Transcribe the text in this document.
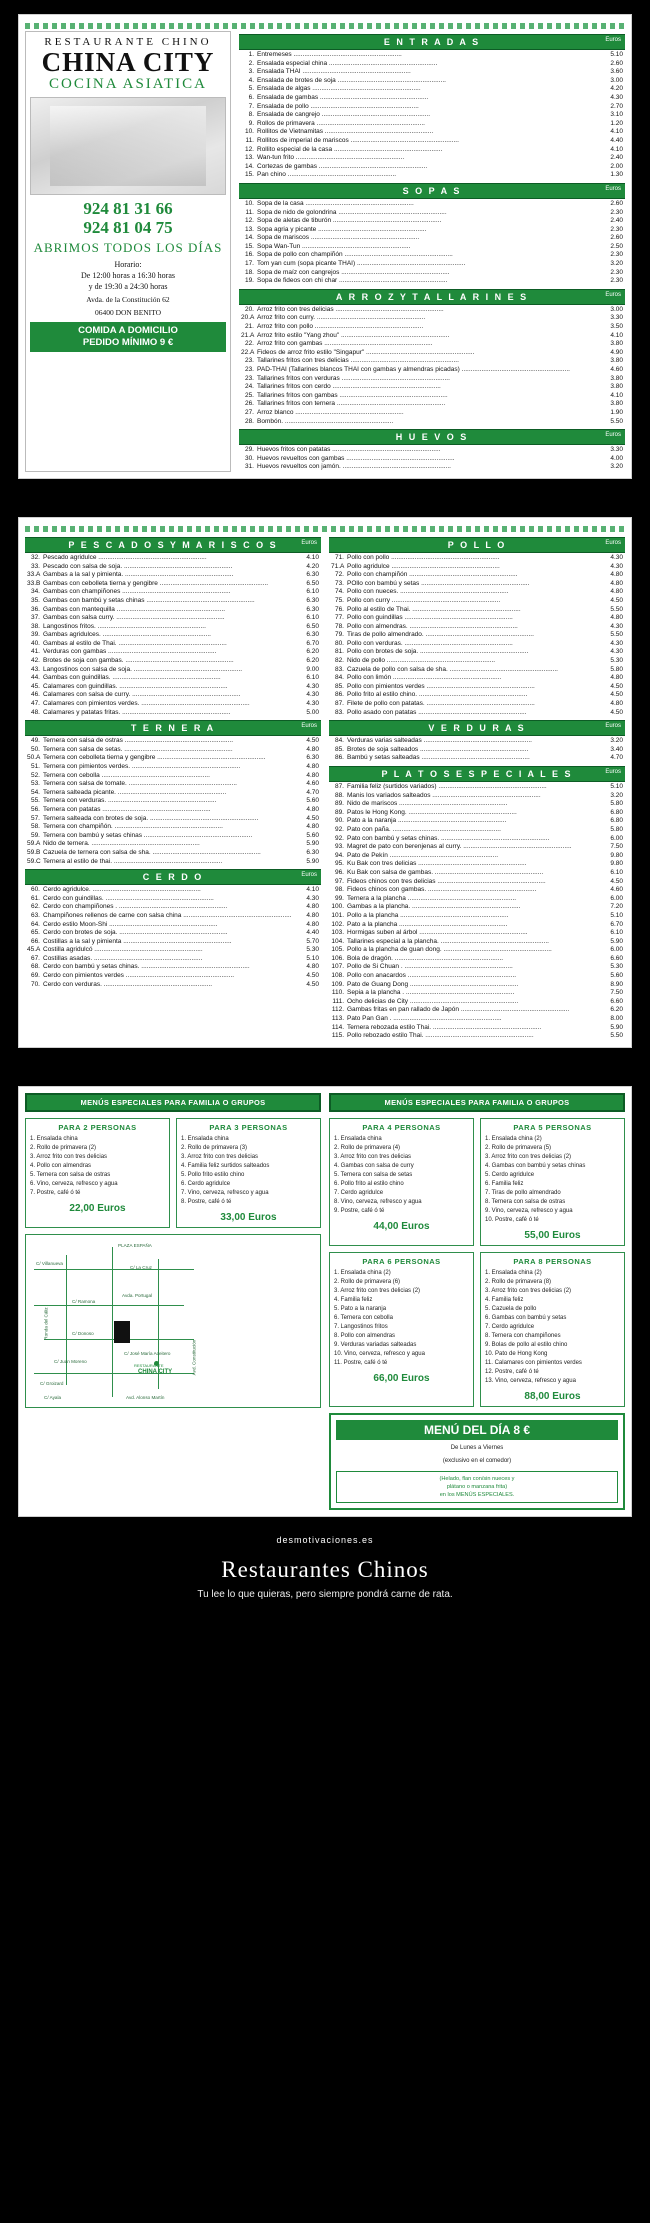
RESTAURANTE CHINO
CHINA CITY
COCINA ASIATICA
924 81 31 66
924 81 04 75
ABRIMOS TODOS LOS DÍAS
Horario:
De 12:00 horas a 16:30 horas
y de 19:30 a 24:30 horas
Avda. de la Constitución 62
06400 DON BENITO
COMIDA A DOMICILIO
PEDIDO MÍNIMO 9 €
E N T R A D A S	Euros
1. Entremeses ............................................................	5.10
2. Ensalada especial china ............................................................	2.60
3. Ensalada THAI ............................................................	3.60
4. Ensalada de brotes de soja ............................................................	3.00
5. Ensalada de algas ............................................................	4.20
6. Ensalada de gambas ............................................................	4.30
7. Ensalada de pollo ............................................................	2.70
8. Ensalada de cangrejo ............................................................	3.10
9. Rollos de primavera ............................................................	1.20
10. Rollitos de Vietnamitas ............................................................	4.10
11. Rollitos de imperial de mariscos ............................................................	4.40
12. Rollito especial de la casa ............................................................	4.10
13. Wan-tun frito ............................................................	2.40
14. Cortezas de gambas ............................................................	2.00
15. Pan chino ............................................................	1.30
S O P A S	Euros
10. Sopa de la casa ............................................................	2.60
11. Sopa de nido de golondrina ............................................................	2.30
12. Sopa de aletas de tiburón ............................................................	2.40
13. Sopa agria y picante ............................................................	2.30
14. Sopa de mariscos ............................................................	2.60
15. Sopa Wan-Tun ............................................................	2.50
16. Sopa de pollo con champiñón ............................................................	2.30
17. Tom yan cum (sopa picante THAI) ............................................................	3.20
18. Sopa de maíz con cangrejos ............................................................	2.30
19. Sopa de fideos con chi char ............................................................	2.30
A R R O Z Y T A L L A R I N E S	Euros
20. Arroz frito con tres delicias ............................................................	3.00
20.A Arroz frito con curry. ............................................................	3.30
21. Arroz frito con pollo ............................................................	3.50
21.A Arroz frito estilo "Yang zhou" ............................................................	4.10
22. Arroz frito con gambas ............................................................	3.80
22.A Fideos de arroz frito estilo "Singapur" ............................................................	4.90
23. Tallarines fritos con tres delicias ............................................................	3.80
23. PAD-THAI (Tallarines blancos THAI con gambas y almendras picadas) ............................................................	4.60
23. Tallarines fritos con verduras ............................................................	3.80
24. Tallarines fritos con cerdo ............................................................	3.80
25. Tallarines fritos con gambas ............................................................	4.10
26. Tallarines fritos con ternera ............................................................	3.80
27. Arroz blanco ............................................................	1.90
28. Bombón. ............................................................	5.50
H U E V O S	Euros
29. Huevos fritos con patatas ............................................................	3.30
30. Huevos revueltos con gambas ............................................................	4.00
31. Huevos revueltos con jamón. ............................................................	3.20
P E S C A D O S Y M A R I S C O S	Euros
32. Pescado agridulce ............................................................	4.10
33. Pescado con salsa de soja. ............................................................	4.20
33.A Gambas a la sal y pimienta. ............................................................	6.30
33.B Gambas con cebolleta tierna y gengibre ............................................................	6.50
34. Gambas con champiñones ............................................................	6.10
35. Gambas con bambú y setas chinas ............................................................	6.30
36. Gambas con mantequilla ............................................................	6.30
37. Gambas con salsa curry. ............................................................	6.10
38. Langostinos fritos. ............................................................	6.50
39. Gambas agridulces. ............................................................	6.30
40. Gambas al estilo de Thai. ............................................................	6.70
41. Verduras con gambas ............................................................	6.20
42. Brotes de soja con gambas. ............................................................	6.20
43. Langostinos con salsa de soja. ............................................................	9.00
44. Gambas con guindillas. ............................................................	6.10
45. Calamares con guindillas. ............................................................	4.30
46. Calamares con salsa de curry. ............................................................	4.30
47. Calamares con pimientos verdes. ............................................................	4.30
48. Calamares y patatas fritas. ............................................................	5.00
T E R N E R A	Euros
49. Ternera con salsa de ostras ............................................................	4.50
50. Ternera con salsa de setas. ............................................................	4.80
50.A Ternera con cebolleta tierna y gengibre ............................................................	6.30
51. Ternera con pimientos verdes. ............................................................	4.80
52. Ternera con cebolla ............................................................	4.80
53. Ternera con salsa de tomate. ............................................................	4.60
54. Ternera salteada picante. ............................................................	4.70
55. Ternera con verduras. ............................................................	5.60
56. Ternera con patatas ............................................................	4.80
57. Ternera salteada con brotes de soja. ............................................................	4.50
58. Ternera con champiñón. ............................................................	4.80
59. Ternera con bambú y setas chinas ............................................................	5.60
59.A Nido de ternera. ............................................................	5.90
59.B Cazuela de ternera con salsa de sha. ............................................................	6.30
59.C Ternera al estilo de thai. ............................................................	5.90
C E R D O	Euros
60. Cerdo agridulce. ............................................................	4.10
61. Cerdo con guindillas. ............................................................	4.30
62. Cerdo con champiñones . ............................................................	4.80
63. Champiñones rellenos de carne con salsa china ............................................................	4.80
64. Cerdo estilo Moon-Shi ............................................................	4.80
65. Cerdo con brotes de soja. ............................................................	4.40
66. Costillas a la sal y pimienta ............................................................	5.70
45.A Costilla agridulcó ............................................................	5.30
67. Costillas asadas. ............................................................	5.10
68. Cerdo con bambú y setas chinas. ............................................................	4.80
69. Cerdo con pimientos verdes ............................................................	4.50
70. Cerdo con verduras. ............................................................	4.50
P O L L O	Euros
71. Pollo con pollo ............................................................	4.30
71.A Pollo agridulce ............................................................	4.30
72. Pollo con champiñón ............................................................	4.80
73. POllo con bambú y setas ............................................................	4.80
74. Pollo con nueces. ............................................................	4.80
75. Pollo con curry ............................................................	4.50
76. Pollo al estilo de Thai. ............................................................	5.50
77. Pollo con guindillas ............................................................	4.80
78. Pollo con almendras. ............................................................	4.30
79. Tiras de pollo almendrado. ............................................................	5.50
80. Pollo con verduras. ............................................................	4.30
81. Pollo con brotes de soja. ............................................................	4.30
82. Nido de pollo ............................................................	5.30
83. Cazuela de pollo con salsa de sha. ............................................................	5.80
84. Pollo con limón ............................................................	4.80
85. Pollo con pimientos verdes ............................................................	4.50
86. Pollo frito al estilo chino. ............................................................	4.50
87. Filete de pollo con patatas. ............................................................	4.80
83. Pollo asado con patatas ............................................................	4.50
V E R D U R A S	Euros
84. Verduras varias salteadas ............................................................	3.20
85. Brotes de soja salteados ............................................................	3.40
86. Bambú y setas salteadas ............................................................	4.70
P L A T O S E S P E C I A L E S	Euros
87. Familia feliz (surtidos variados) ............................................................	5.10
88. Manis los variados salteados ............................................................	3.20
89. Nido de mariscos ............................................................	5.80
89. Patos le Hong Kong. ............................................................	6.80
90. Pato a la naranja ............................................................	6.80
92. Pato con paña. ............................................................	5.80
92. Pato con bambú y setas chinas. ............................................................	6.00
93. Magret de pato con berenjenas al curry. ............................................................	7.50
94. Pato de Pekín ............................................................	9.80
95. Ku Bak con tres delicias ............................................................	9.80
96. Ku Bak con salsa de gambas. ............................................................	6.10
97. Fideos chinos con tres delicias ............................................................	4.50
98. Fideos chinos con gambas. ............................................................	4.60
99. Ternera a la plancha ............................................................	6.00
100. Gambas a la plancha. ............................................................	7.20
101. Pollo a la plancha ............................................................	5.10
102. Pato a la plancha ............................................................	6.70
103. Hormigas suben al árbol ............................................................	6.10
104. Tallarines especial a la plancha. ............................................................	5.90
105. Pollo a la plancha de guan dong. ............................................................	6.00
106. Bola de dragón. ............................................................	6.60
107. Pollo de Si Chuan . ............................................................	5.30
108. Pollo con anacardos ............................................................	5.60
109. Pato de Guang Dong ............................................................	8.90
110. Sepia a la plancha . ............................................................	7.50
111. Ocho delicias de City ............................................................	6.60
112. Gambas fritas en pan rallado de Japón ............................................................	6.20
113. Pato Pan Gan . ............................................................	8.00
114. Ternera rebozada estilo Thai. ............................................................	5.90
115. Pollo rebozado estilo Thai. ............................................................	5.50
MENÚS ESPECIALES PARA FAMILIA O GRUPOS
PARA 2 PERSONAS
1. Ensalada china
2. Rollo de primavera (2)
3. Arroz frito con tres delicias
4. Pollo con almendras
5. Ternera con salsa de ostras
6. Vino, cerveza, refresco y agua
7. Postre, café ó té
22,00 Euros
PARA 3 PERSONAS
1. Ensalada china
2. Rollo de primavera (3)
3. Arroz frito con tres delicias
4. Familia feliz surtidos salteados
5. Pollo frito estilo chino
6. Cerdo agridulce
7. Vino, cerveza, refresco y agua
8. Postre, café ó té
33,00 Euros
PLAZA ESPAÑA
C/ Villanueva
C/ La Cruz
Avda. Portugal
C/ Ramona
C/ Donoso
C/ Juan Moreno
C/ José María Aceitero
Ronda del Cáliz
C/ Groizard
C/ Ayala
Avd. Constitución
Avd. Alonso Martín
CHINA CITY
RESTAURANTE
MENÚS ESPECIALES PARA FAMILIA O GRUPOS
PARA 4 PERSONAS
1. Ensalada china
2. Rollo de primavera (4)
3. Arroz frito con tres delicias
4. Gambas con salsa de curry
5. Ternera con salsa de setas
6. Pollo frito al estilo chino
7. Cerdo agridulce
8. Vino, cerveza, refresco y agua
9. Postre, café ó té
44,00 Euros
PARA 5 PERSONAS
1. Ensalada china (2)
2. Rollo de primavera (5)
3. Arroz frito con tres delicias (2)
4. Gambas con bambú y setas chinas
5. Cerdo agridulce
6. Familia feliz
7. Tiras de pollo almendrado
8. Ternera con salsa de ostras
9. Vino, cerveza, refresco y agua
10. Postre, café ó té
55,00 Euros
PARA 6 PERSONAS
1. Ensalada china (2)
2. Rollo de primavera (6)
3. Arroz frito con tres delicias (2)
4. Familia feliz
5. Pato a la naranja
6. Ternera con cebolla
7. Langostinos fritos
8. Pollo con almendras
9. Verduras variadas salteadas
10. Vino, cerveza, refresco y agua
11. Postre, café ó té
66,00 Euros
PARA 8 PERSONAS
1. Ensalada china (2)
2. Rollo de primavera (8)
3. Arroz frito con tres delicias (2)
4. Familia feliz
5. Cazuela de pollo
6. Gambas con bambú y setas
7. Cerdo agridulce
8. Ternera con champiñones
9. Bolas de pollo al estilo chino
10. Pato de Hong Kong
11. Calamares con pimientos verdes
12. Postre, café ó té
13. Vino, cerveza, refresco y agua
88,00 Euros
MENÚ DEL DÍA 8 €
De Lunes a Viernes
(exclusivo en el comedor)
(Helado, flan con/sin nueces y
plátano o manzana frita)
en los MENÚS ESPECIALES.
desmotivaciones.es
Restaurantes Chinos

Tu lee lo que quieras, pero siempre pondrá carne de rata.
